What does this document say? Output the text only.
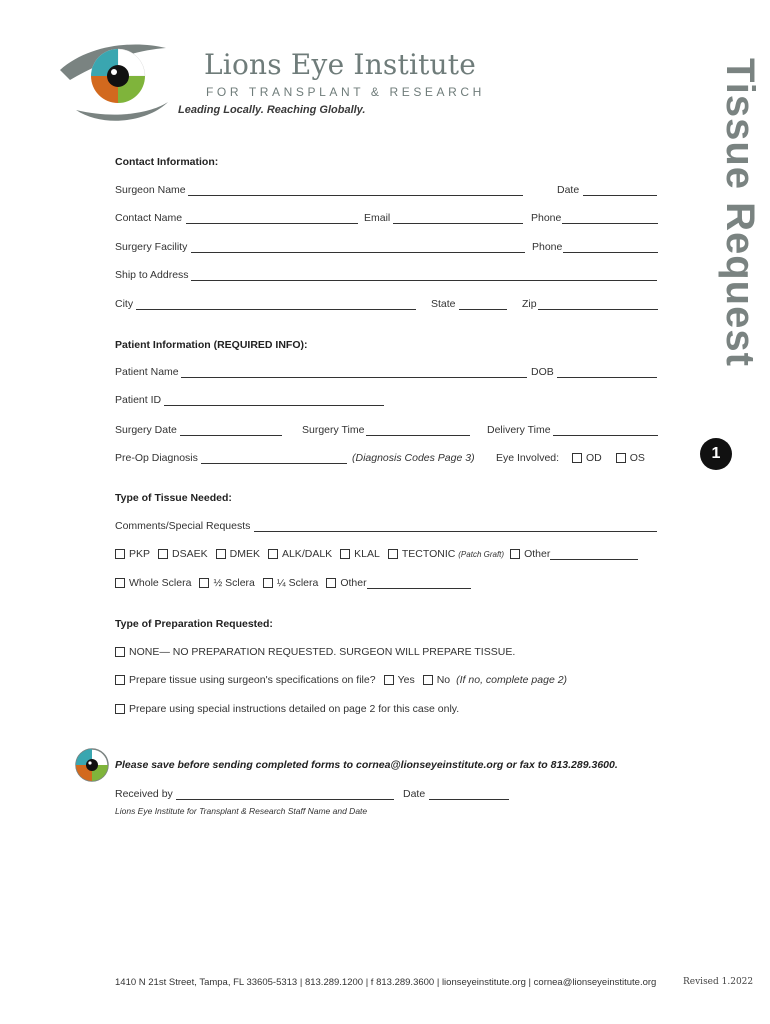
Lions Eye Institute
FOR TRANSPLANT & RESEARCH
Leading Locally. Reaching Globally.	Tissue Request
1
Contact Information:
Surgeon Name	Date
Contact Name	Email	Phone
Surgery Facility	Phone
Ship to Address
City	State	Zip
Patient Information (REQUIRED INFO):
Patient Name	DOB
Patient ID
Surgery Date	Surgery Time	Delivery Time
Pre-Op Diagnosis	(Diagnosis Codes Page 3) Eye Involved:	OD	OS
Type of Tissue Needed:
Comments/Special Requests
PKP DSAEK DMEK ALK/DALK KLAL TECTONIC
(Patch Graft) Other
Whole Sclera ½ Sclera ¼ Sclera Other
Type of Preparation Requested:
NONE— NO PREPARATION REQUESTED. SURGEON WILL PREPARE TISSUE.
Prepare tissue using surgeon's specifications on file? Yes No (If no, complete page 2)
Prepare using special instructions detailed on page 2 for this case only.
Please save before sending completed forms to cornea@lionseyeinstitute.org or fax to 813.289.3600.
Received by	Date
Lions Eye Institute for Transplant & Research Staff Name and Date
1410 N 21st Street, Tampa, FL 33605-5313 | 813.289.1200 | f 813.289.3600 | lionseyeinstitute.org | cornea@lionseyeinstitute.org	Revised 1.2022
